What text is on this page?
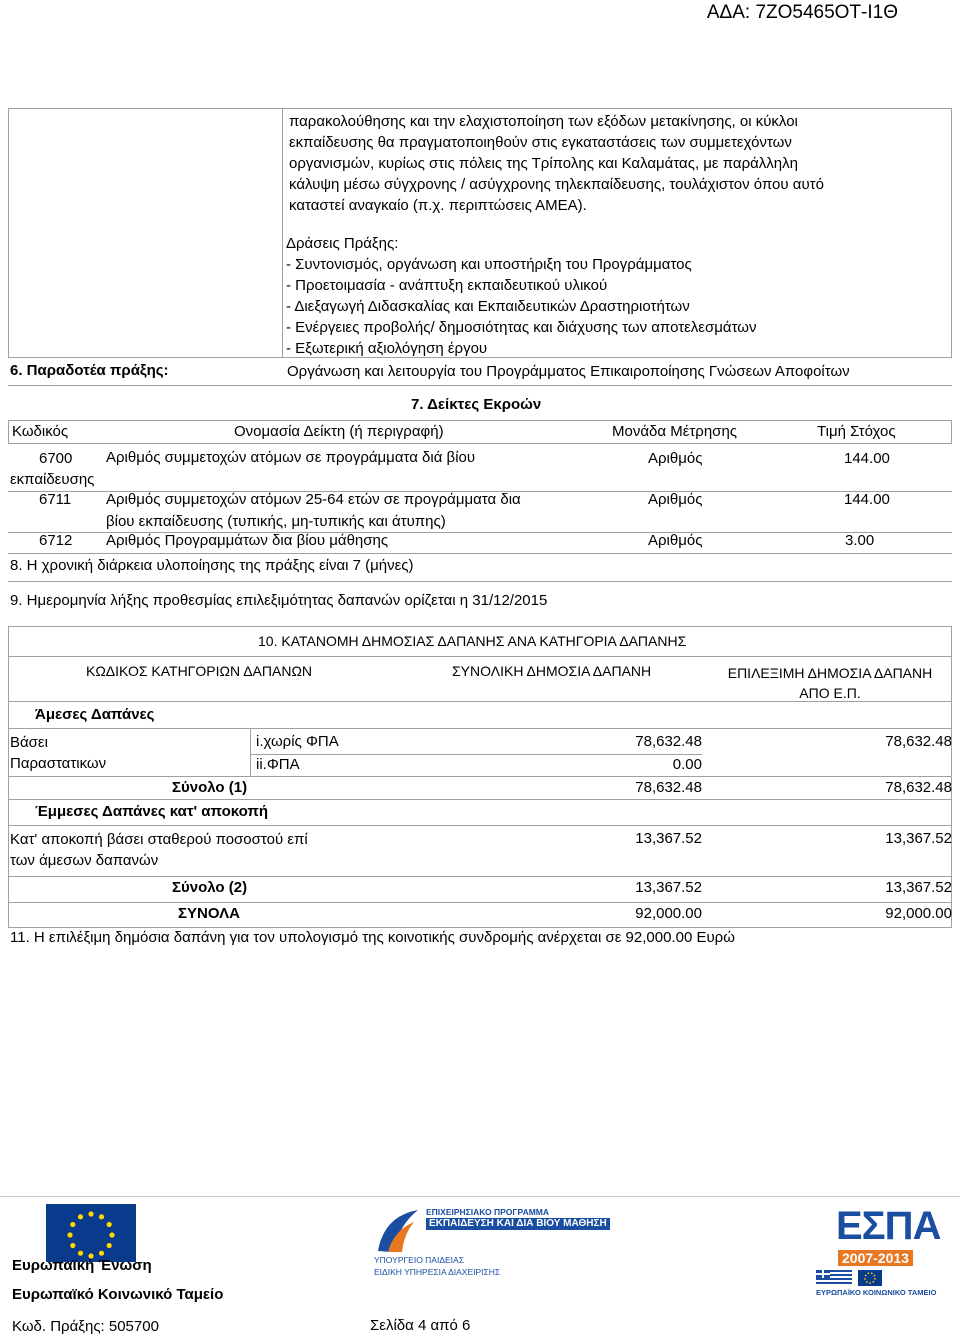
ΑΔΑ: 7ΖΟ5465ΟΤ-Ι1Θ
παρακολούθησης και την ελαχιστοποίηση των εξόδων μετακίνησης, οι κύκλοι
εκπαίδευσης θα πραγματοποιηθούν στις εγκαταστάσεις των συμμετεχόντων
οργανισμών, κυρίως στις πόλεις της Τρίπολης και Καλαμάτας, με παράλληλη
κάλυψη μέσω σύγχρονης / ασύγχρονης τηλεκπαίδευσης, τουλάχιστον όπου αυτό
καταστεί αναγκαίο (π.χ. περιπτώσεις ΑΜΕΑ).
Δράσεις Πράξης:
- Συντονισμός, οργάνωση και υποστήριξη του Προγράμματος
- Προετοιμασία - ανάπτυξη εκπαιδευτικού υλικού
- Διεξαγωγή Διδασκαλίας και Εκπαιδευτικών Δραστηριοτήτων
- Ενέργειες προβολής/ δημοσιότητας και διάχυσης των αποτελεσμάτων
- Εξωτερική αξιολόγηση έργου
6. Παραδοτέα πράξης:	Οργάνωση και λειτουργία του Προγράμματος Επικαιροποίησης Γνώσεων Αποφοίτων
7. Δείκτες Εκροών
Κωδικός	Ονομασία Δείκτη (ή περιγραφή)	Μονάδα Μέτρησης	Τιμή Στόχος
6700 Αριθμός συμμετοχών ατόμων σε προγράμματα διά βίου
εκπαίδευσης
Αριθμός	144.00
6711 Αριθμός συμμετοχών ατόμων 25-64 ετών σε προγράμματα δια
βίου εκπαίδευσης (τυπικής, μη-τυπικής και άτυπης)
Αριθμός	144.00
6712 Αριθμός Προγραμμάτων δια βίου μάθησης	Αριθμός	3.00
8. Η χρονική διάρκεια υλοποίησης της πράξης είναι 7 (μήνες)
9. Ημερομηνία λήξης προθεσμίας επιλεξιμότητας δαπανών ορίζεται η 31/12/2015
10. ΚΑΤΑΝΟΜΗ ΔΗΜΟΣΙΑΣ ΔΑΠΑΝΗΣ ΑΝΑ ΚΑΤΗΓΟΡΙΑ ΔΑΠΑΝΗΣ
ΚΩΔΙΚΟΣ ΚΑΤΗΓΟΡΙΩΝ ΔΑΠΑΝΩΝ	ΣΥΝΟΛΙΚΗ ΔΗΜΟΣΙΑ ΔΑΠΑΝΗ	ΕΠΙΛΕΞΙΜΗ ΔΗΜΟΣΙΑ ΔΑΠΑΝΗ
ΑΠΟ Ε.Π.
Άμεσες Δαπάνες
Βάσει
Παραστατικων
i.χωρίς ΦΠΑ	78,632.48	78,632.48
ii.ΦΠΑ	0.00
Σύνολο (1)	78,632.48	78,632.48
Έμμεσες Δαπάνες κατ' αποκοπή
Κατ' αποκοπή βάσει σταθερού ποσοστού επί
των άμεσων δαπανών
13,367.52	13,367.52
Σύνολο (2)	13,367.52	13,367.52
ΣΥΝΟΛΑ	92,000.00	92,000.00
11. Η επιλέξιμη δημόσια δαπάνη για τον υπολογισμό της κοινοτικής συνδρομής ανέρχεται σε 92,000.00 Ευρώ
Ευρωπαϊκή Ένωση
Ευρωπαϊκό Κοινωνικό Ταμείο
ΕΠΙΧΕΙΡΗΣΙΑΚΟ ΠΡΟΓΡΑΜΜΑ
ΕΚΠΑΙΔΕΥΣΗ ΚΑΙ ΔΙΑ ΒΙΟΥ ΜΑΘΗΣΗ
ΥΠΟΥΡΓΕΙΟ ΠΑΙΔΕΙΑΣ
ΕΙΔΙΚΗ ΥΠΗΡΕΣΙΑ ΔΙΑΧΕΙΡΙΣΗΣ
ΕΣΠΑ
2007-2013
ΕΥΡΩΠΑΪΚΟ ΚΟΙΝΩΝΙΚΟ ΤΑΜΕΙΟ
Κωδ. Πράξης: 505700	Σελίδα 4 από 6
